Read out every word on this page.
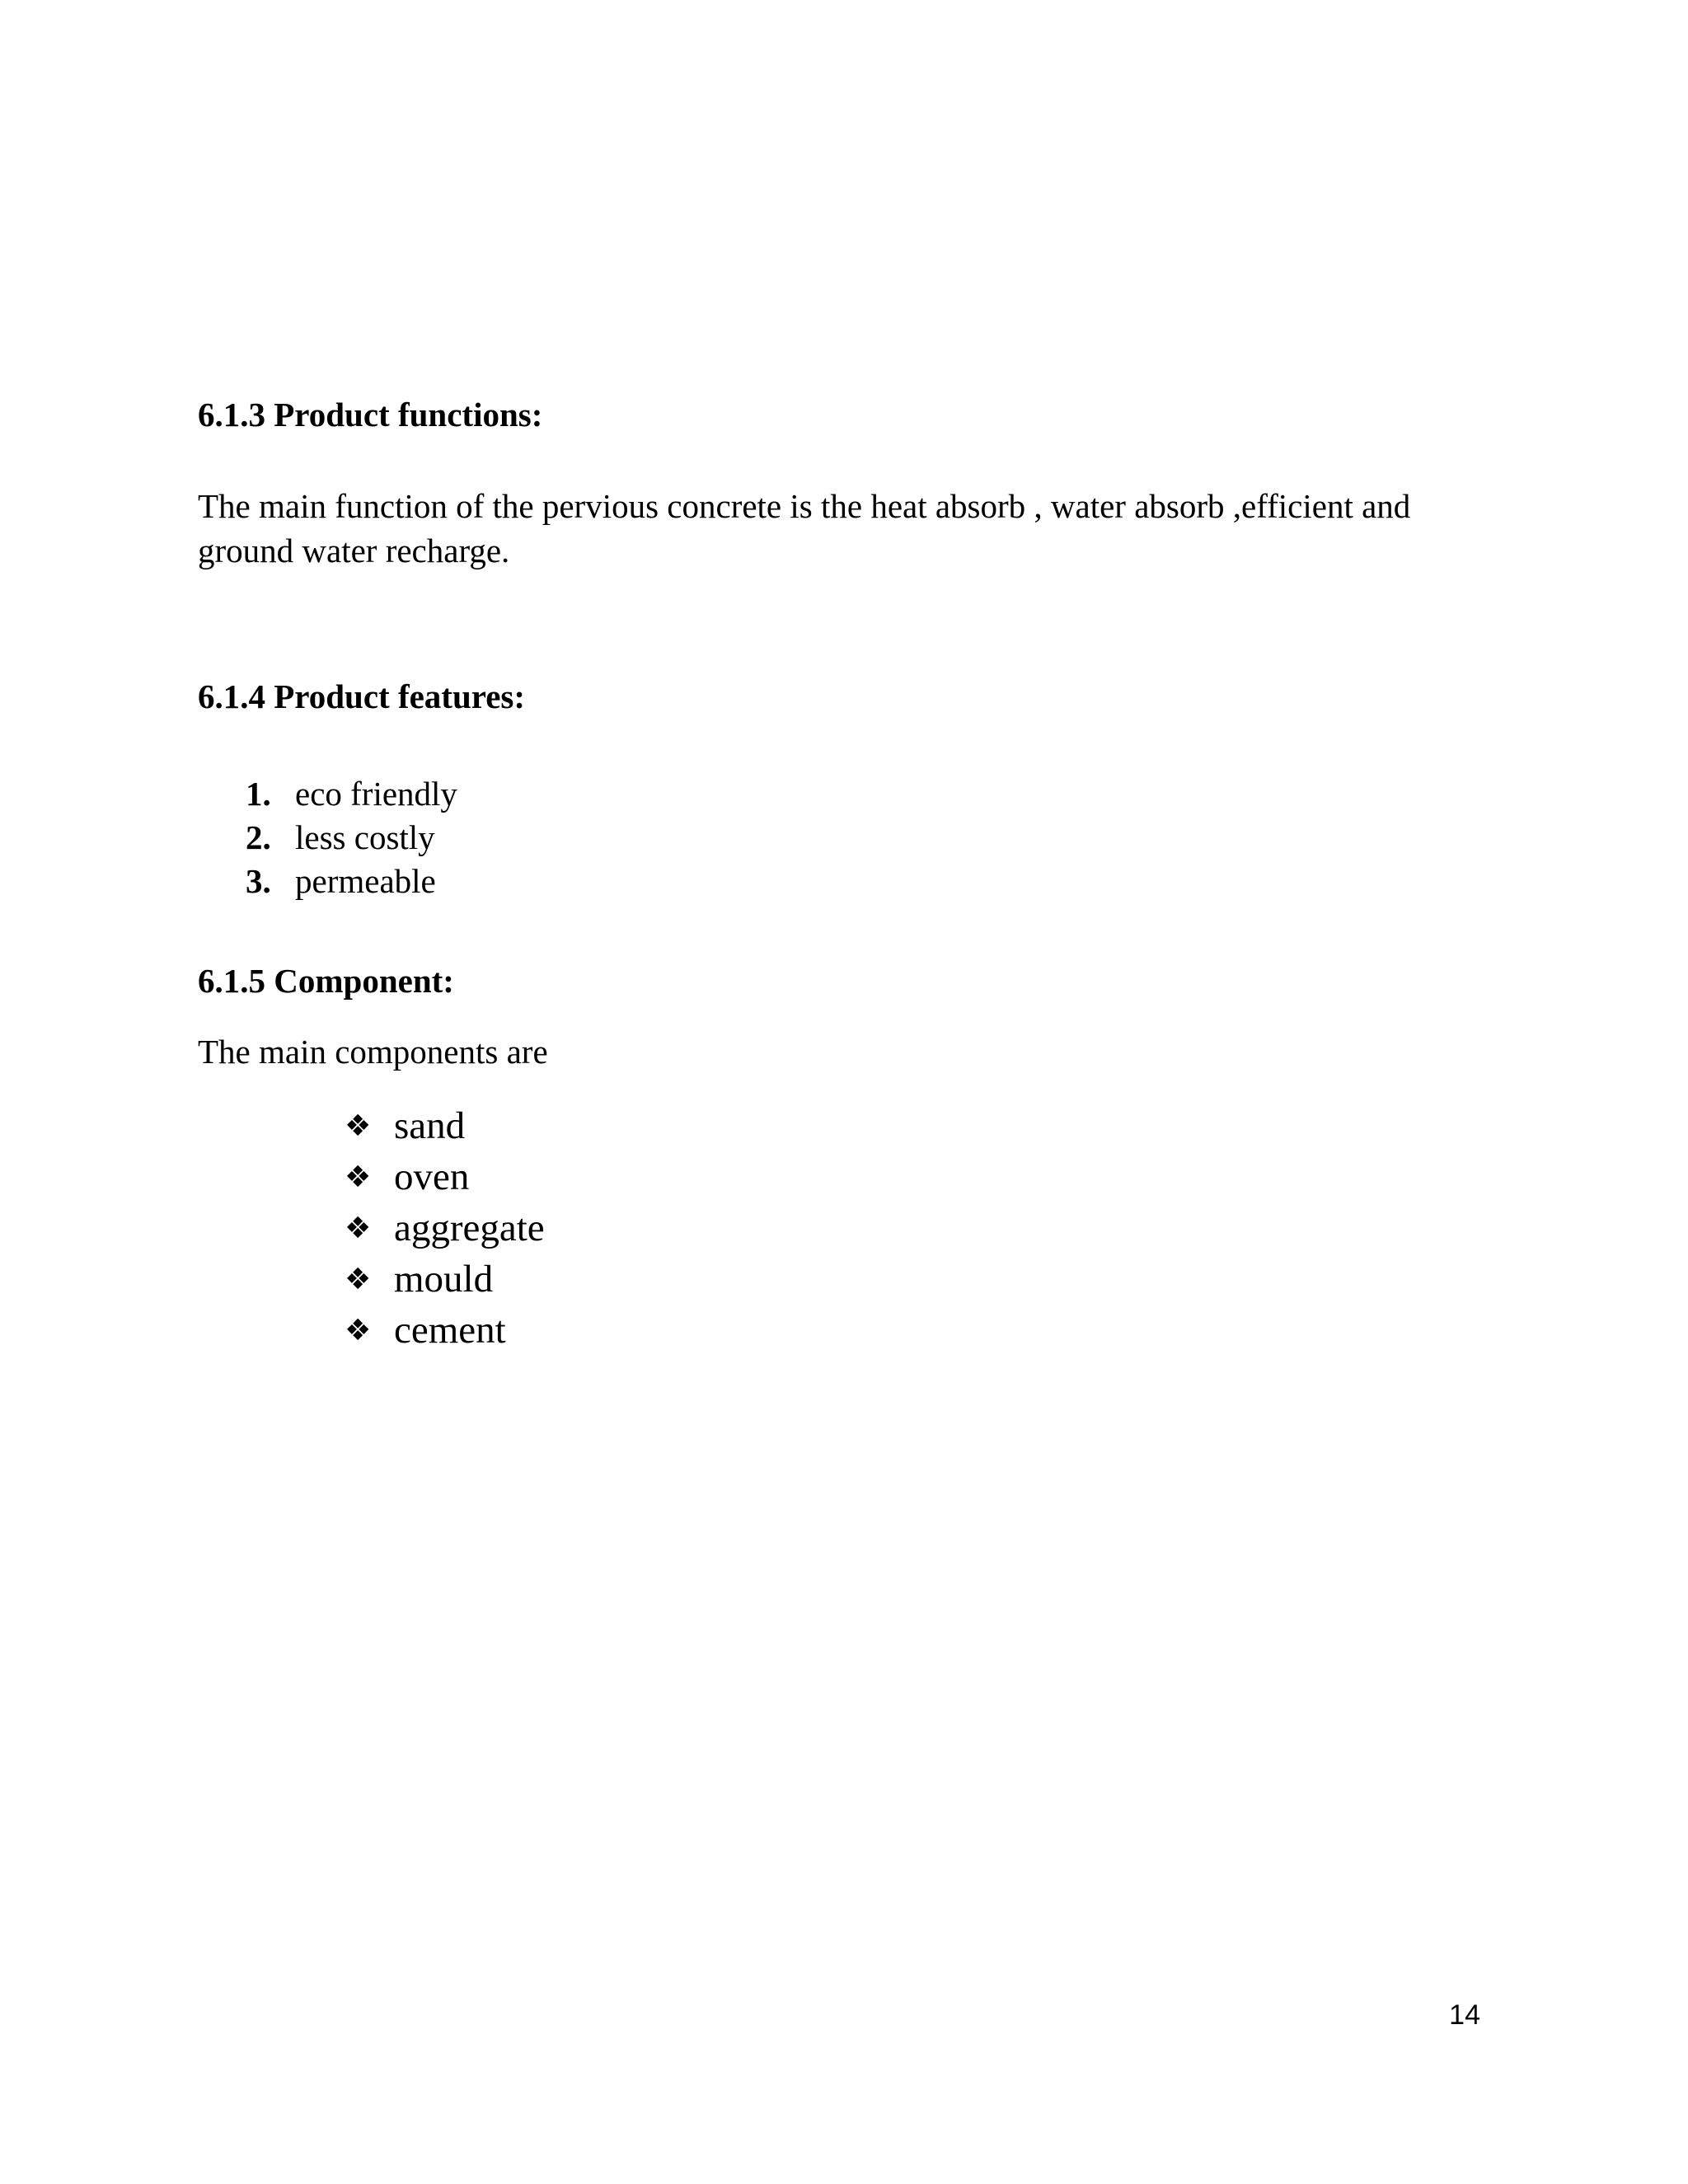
6.1.3 Product functions:
The main function of the pervious concrete is the heat absorb , water absorb ,efficient and ground water recharge.
6.1.4 Product features:
1. eco friendly
2. less costly
3. permeable
6.1.5 Component:
The main components are
❖ sand
❖ oven
❖ aggregate
❖ mould
❖ cement
14
